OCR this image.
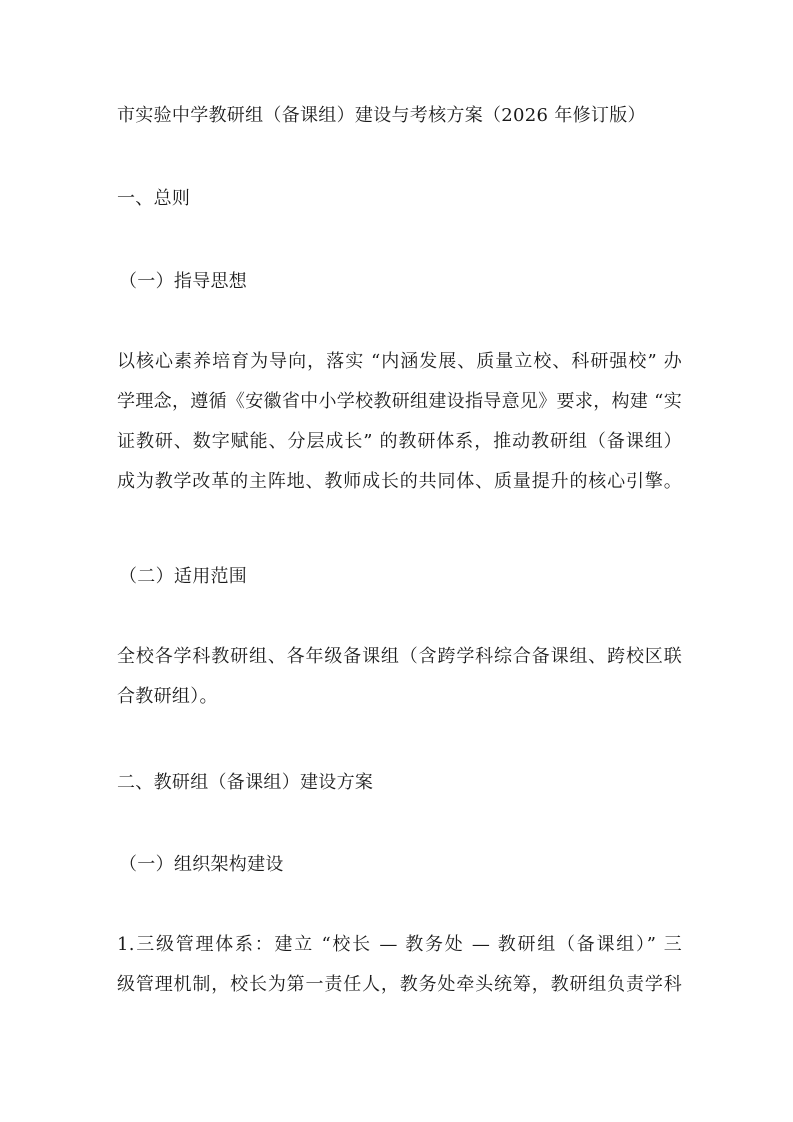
市实验中学教研组（备课组）建设与考核方案（2026 年修订版）
一、总则
（一）指导思想
以核心素养培育为导向，落实 “内涵发展、质量立校、科研强校” 办
学理念，遵循《安徽省中小学校教研组建设指导意见》要求，构建 “实
证教研、数字赋能、分层成长” 的教研体系，推动教研组（备课组）
成为教学改革的主阵地、教师成长的共同体、质量提升的核心引擎。
（二）适用范围
全校各学科教研组、各年级备课组（含跨学科综合备课组、跨校区联
合教研组）。
二、教研组（备课组）建设方案
（一）组织架构建设
1.三级管理体系：建立 “校长 — 教务处 — 教研组（备课组）” 三
级管理机制，校长为第一责任人，教务处牵头统筹，教研组负责学科
